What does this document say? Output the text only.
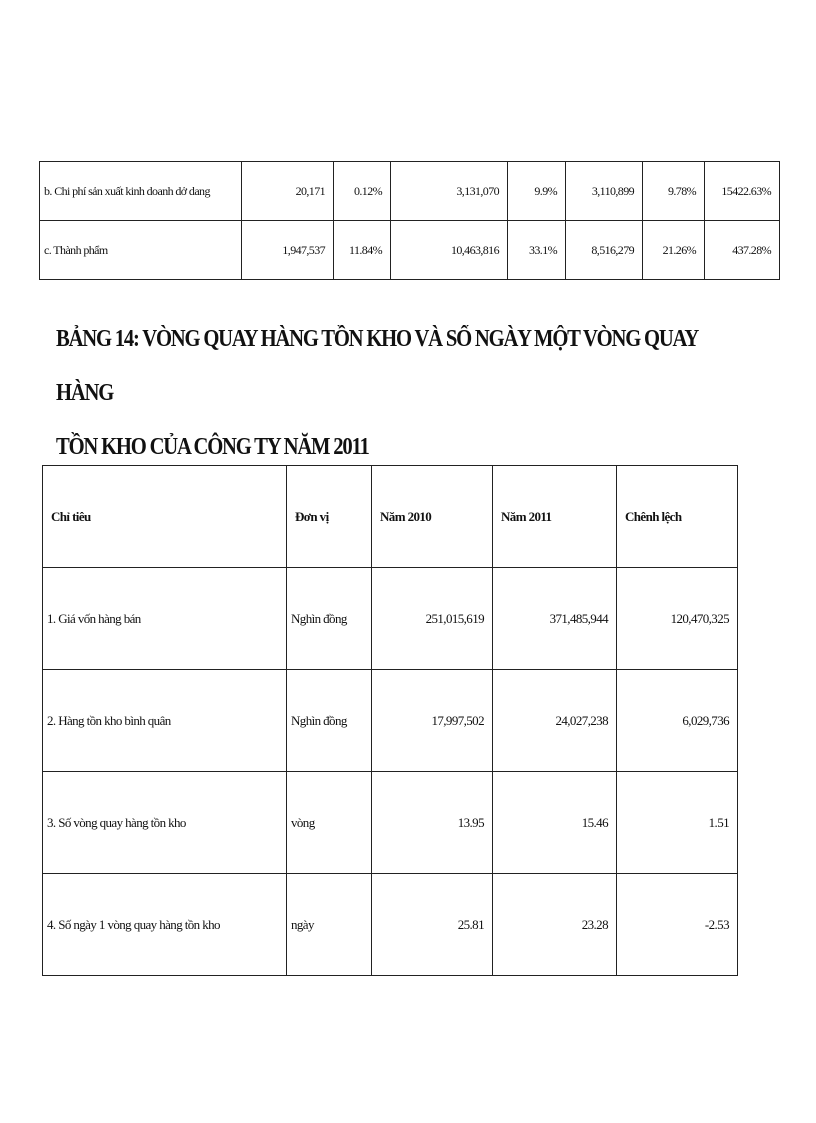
b. Chi phí sản xuất kinh doanh dở dang	20,171	0.12%	3,131,070	9.9%	3,110,899	9.78%	15422.63%
c. Thành phẩm	1,947,537	11.84%	10,463,816	33.1%	8,516,279	21.26%	437.28%
BẢNG 14: VÒNG QUAY HÀNG TỒN KHO VÀ SỐ NGÀY MỘT VÒNG QUAY HÀNG
TỒN KHO CỦA CÔNG TY NĂM 2011
Chỉ tiêu	Đơn vị	Năm 2010	Năm 2011	Chênh lệch
1. Giá vốn hàng bán	Nghìn đồng	251,015,619	371,485,944	120,470,325
2. Hàng tồn kho bình quân	Nghìn đồng	17,997,502	24,027,238	6,029,736
3. Số vòng quay hàng tồn kho	vòng	13.95	15.46	1.51
4. Số ngày 1 vòng quay hàng tồn kho	ngày	25.81	23.28	-2.53
